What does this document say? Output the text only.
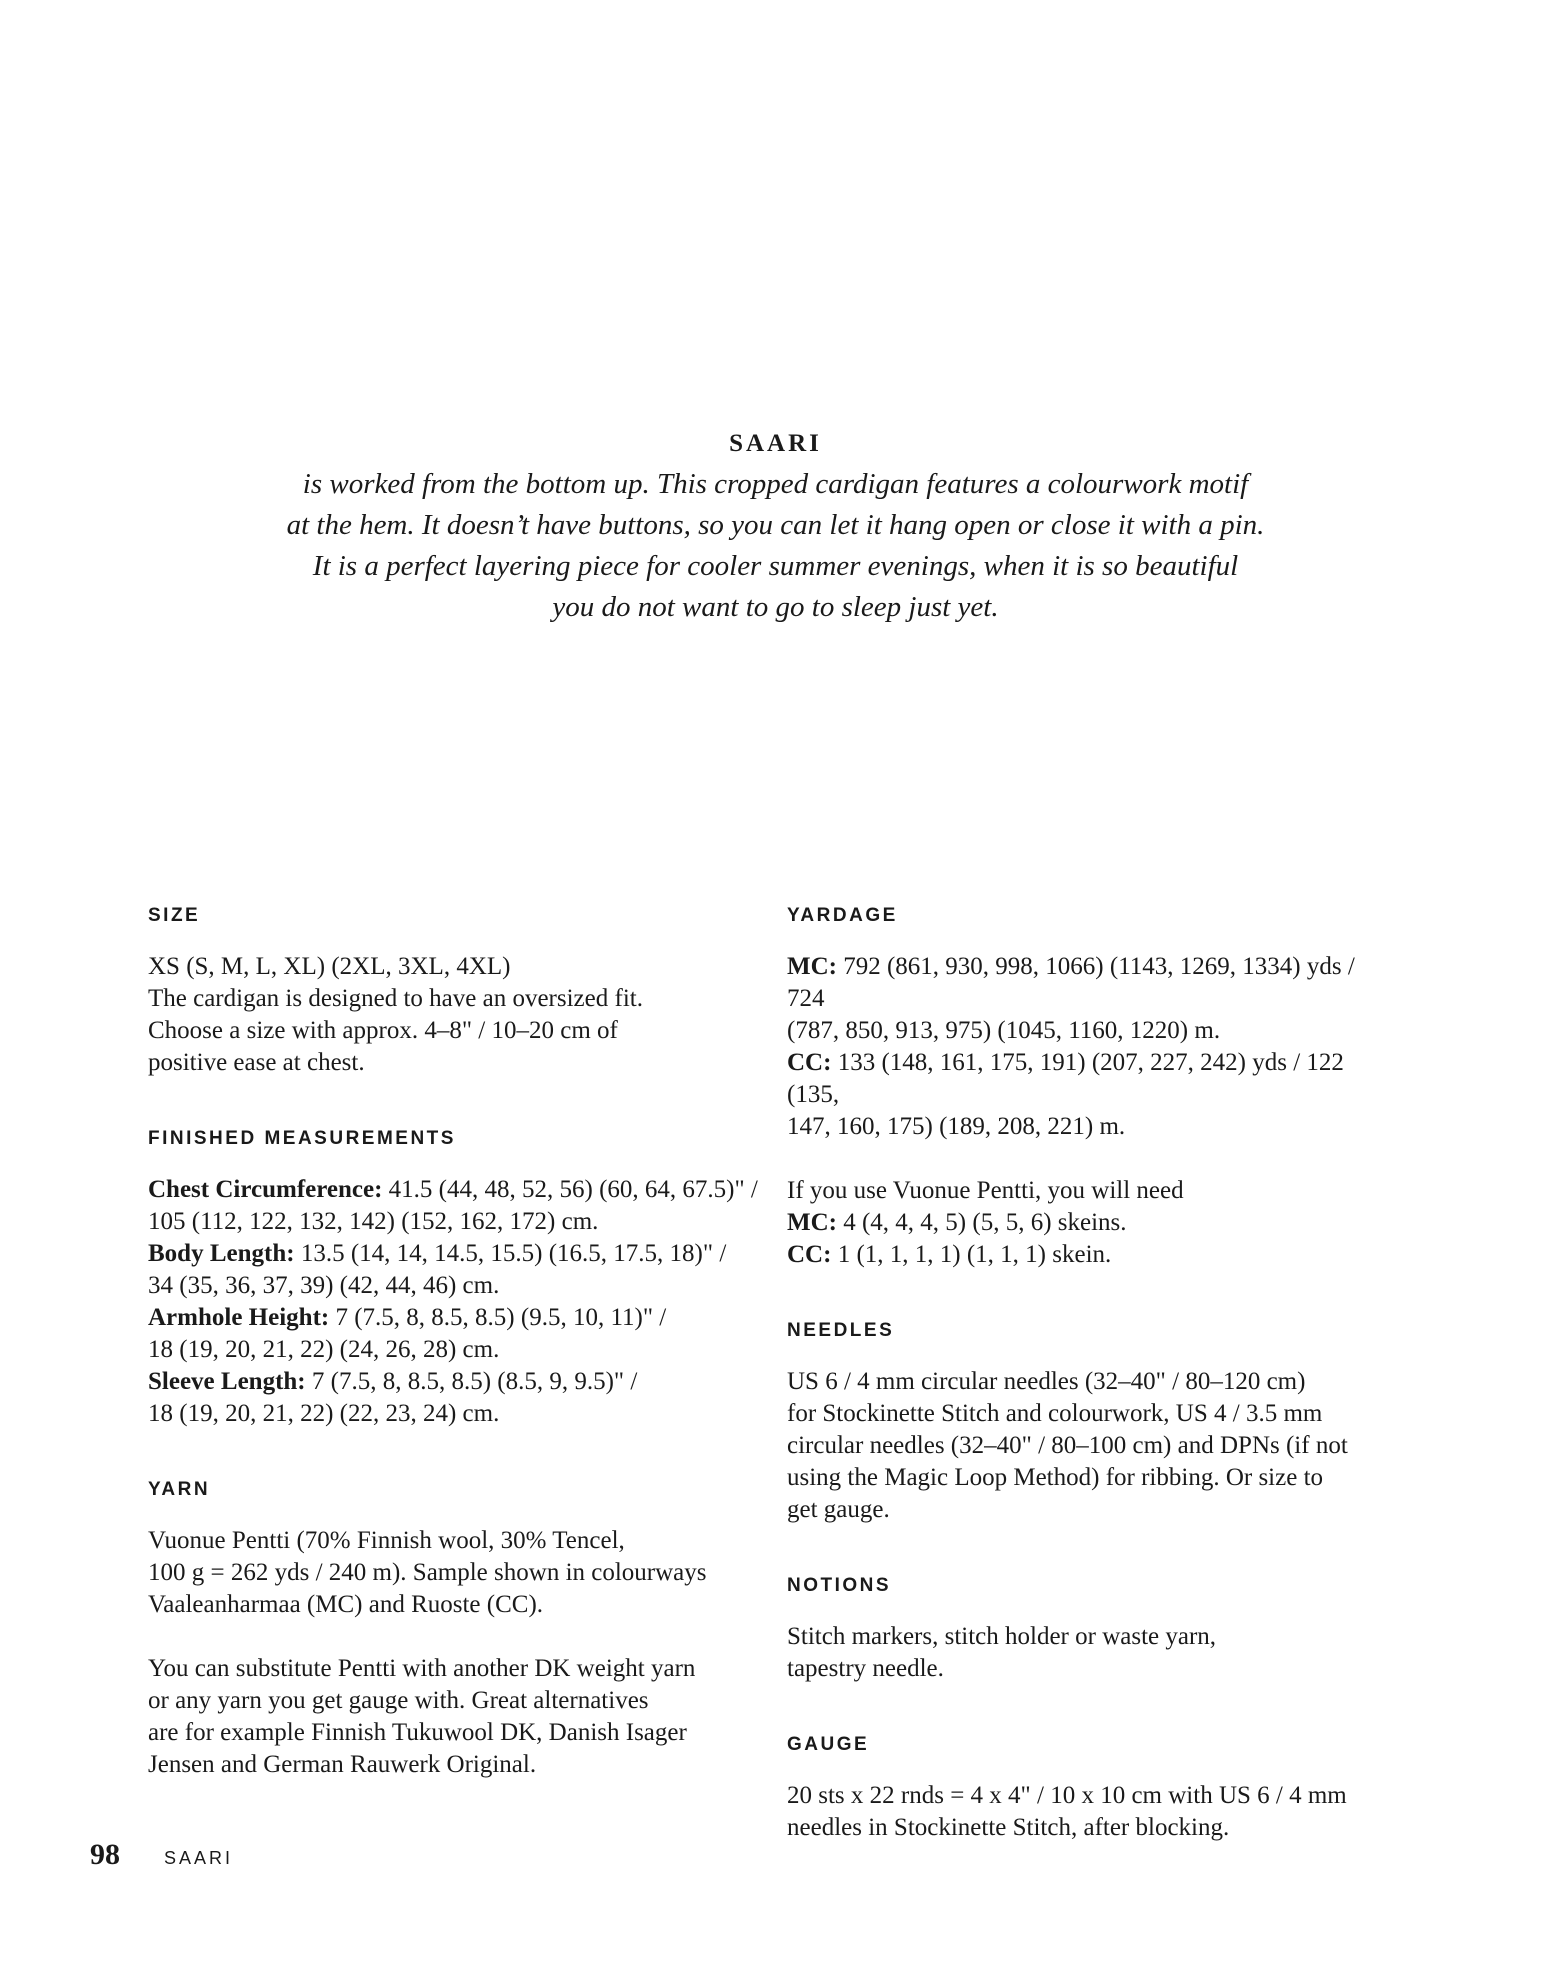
SAARI
is worked from the bottom up. This cropped cardigan features a colourwork motif
at the hem. It doesn’t have buttons, so you can let it hang open or close it with a pin.
It is a perfect layering piece for cooler summer evenings, when it is so beautiful
you do not want to go to sleep just yet.
SIZE
XS (S, M, L, XL) (2XL, 3XL, 4XL)
The cardigan is designed to have an oversized fit.
Choose a size with approx. 4–8" / 10–20 cm of
positive ease at chest.
FINISHED MEASUREMENTS
Chest Circumference: 41.5 (44, 48, 52, 56) (60, 64, 67.5)" /
105 (112, 122, 132, 142) (152, 162, 172) cm.
Body Length: 13.5 (14, 14, 14.5, 15.5) (16.5, 17.5, 18)" /
34 (35, 36, 37, 39) (42, 44, 46) cm.
Armhole Height: 7 (7.5, 8, 8.5, 8.5) (9.5, 10, 11)" /
18 (19, 20, 21, 22) (24, 26, 28) cm.
Sleeve Length: 7 (7.5, 8, 8.5, 8.5) (8.5, 9, 9.5)" /
18 (19, 20, 21, 22) (22, 23, 24) cm.
YARN
Vuonue Pentti (70% Finnish wool, 30% Tencel,
100 g = 262 yds / 240 m). Sample shown in colourways
Vaaleanharmaa (MC) and Ruoste (CC).
You can substitute Pentti with another DK weight yarn
or any yarn you get gauge with. Great alternatives
are for example Finnish Tukuwool DK, Danish Isager
Jensen and German Rauwerk Original.
YARDAGE
MC: 792 (861, 930, 998, 1066) (1143, 1269, 1334) yds / 724
(787, 850, 913, 975) (1045, 1160, 1220) m.
CC: 133 (148, 161, 175, 191) (207, 227, 242) yds / 122 (135,
147, 160, 175) (189, 208, 221) m.
If you use Vuonue Pentti, you will need
MC: 4 (4, 4, 4, 5) (5, 5, 6) skeins.
CC: 1 (1, 1, 1, 1) (1, 1, 1) skein.
NEEDLES
US 6 / 4 mm circular needles (32–40" / 80–120 cm)
for Stockinette Stitch and colourwork, US 4 / 3.5 mm
circular needles (32–40" / 80–100 cm) and DPNs (if not
using the Magic Loop Method) for ribbing. Or size to
get gauge.
NOTIONS
Stitch markers, stitch holder or waste yarn,
tapestry needle.
GAUGE
20 sts x 22 rnds = 4 x 4" / 10 x 10 cm with US 6 / 4 mm
needles in Stockinette Stitch, after blocking.
98 SAARI
